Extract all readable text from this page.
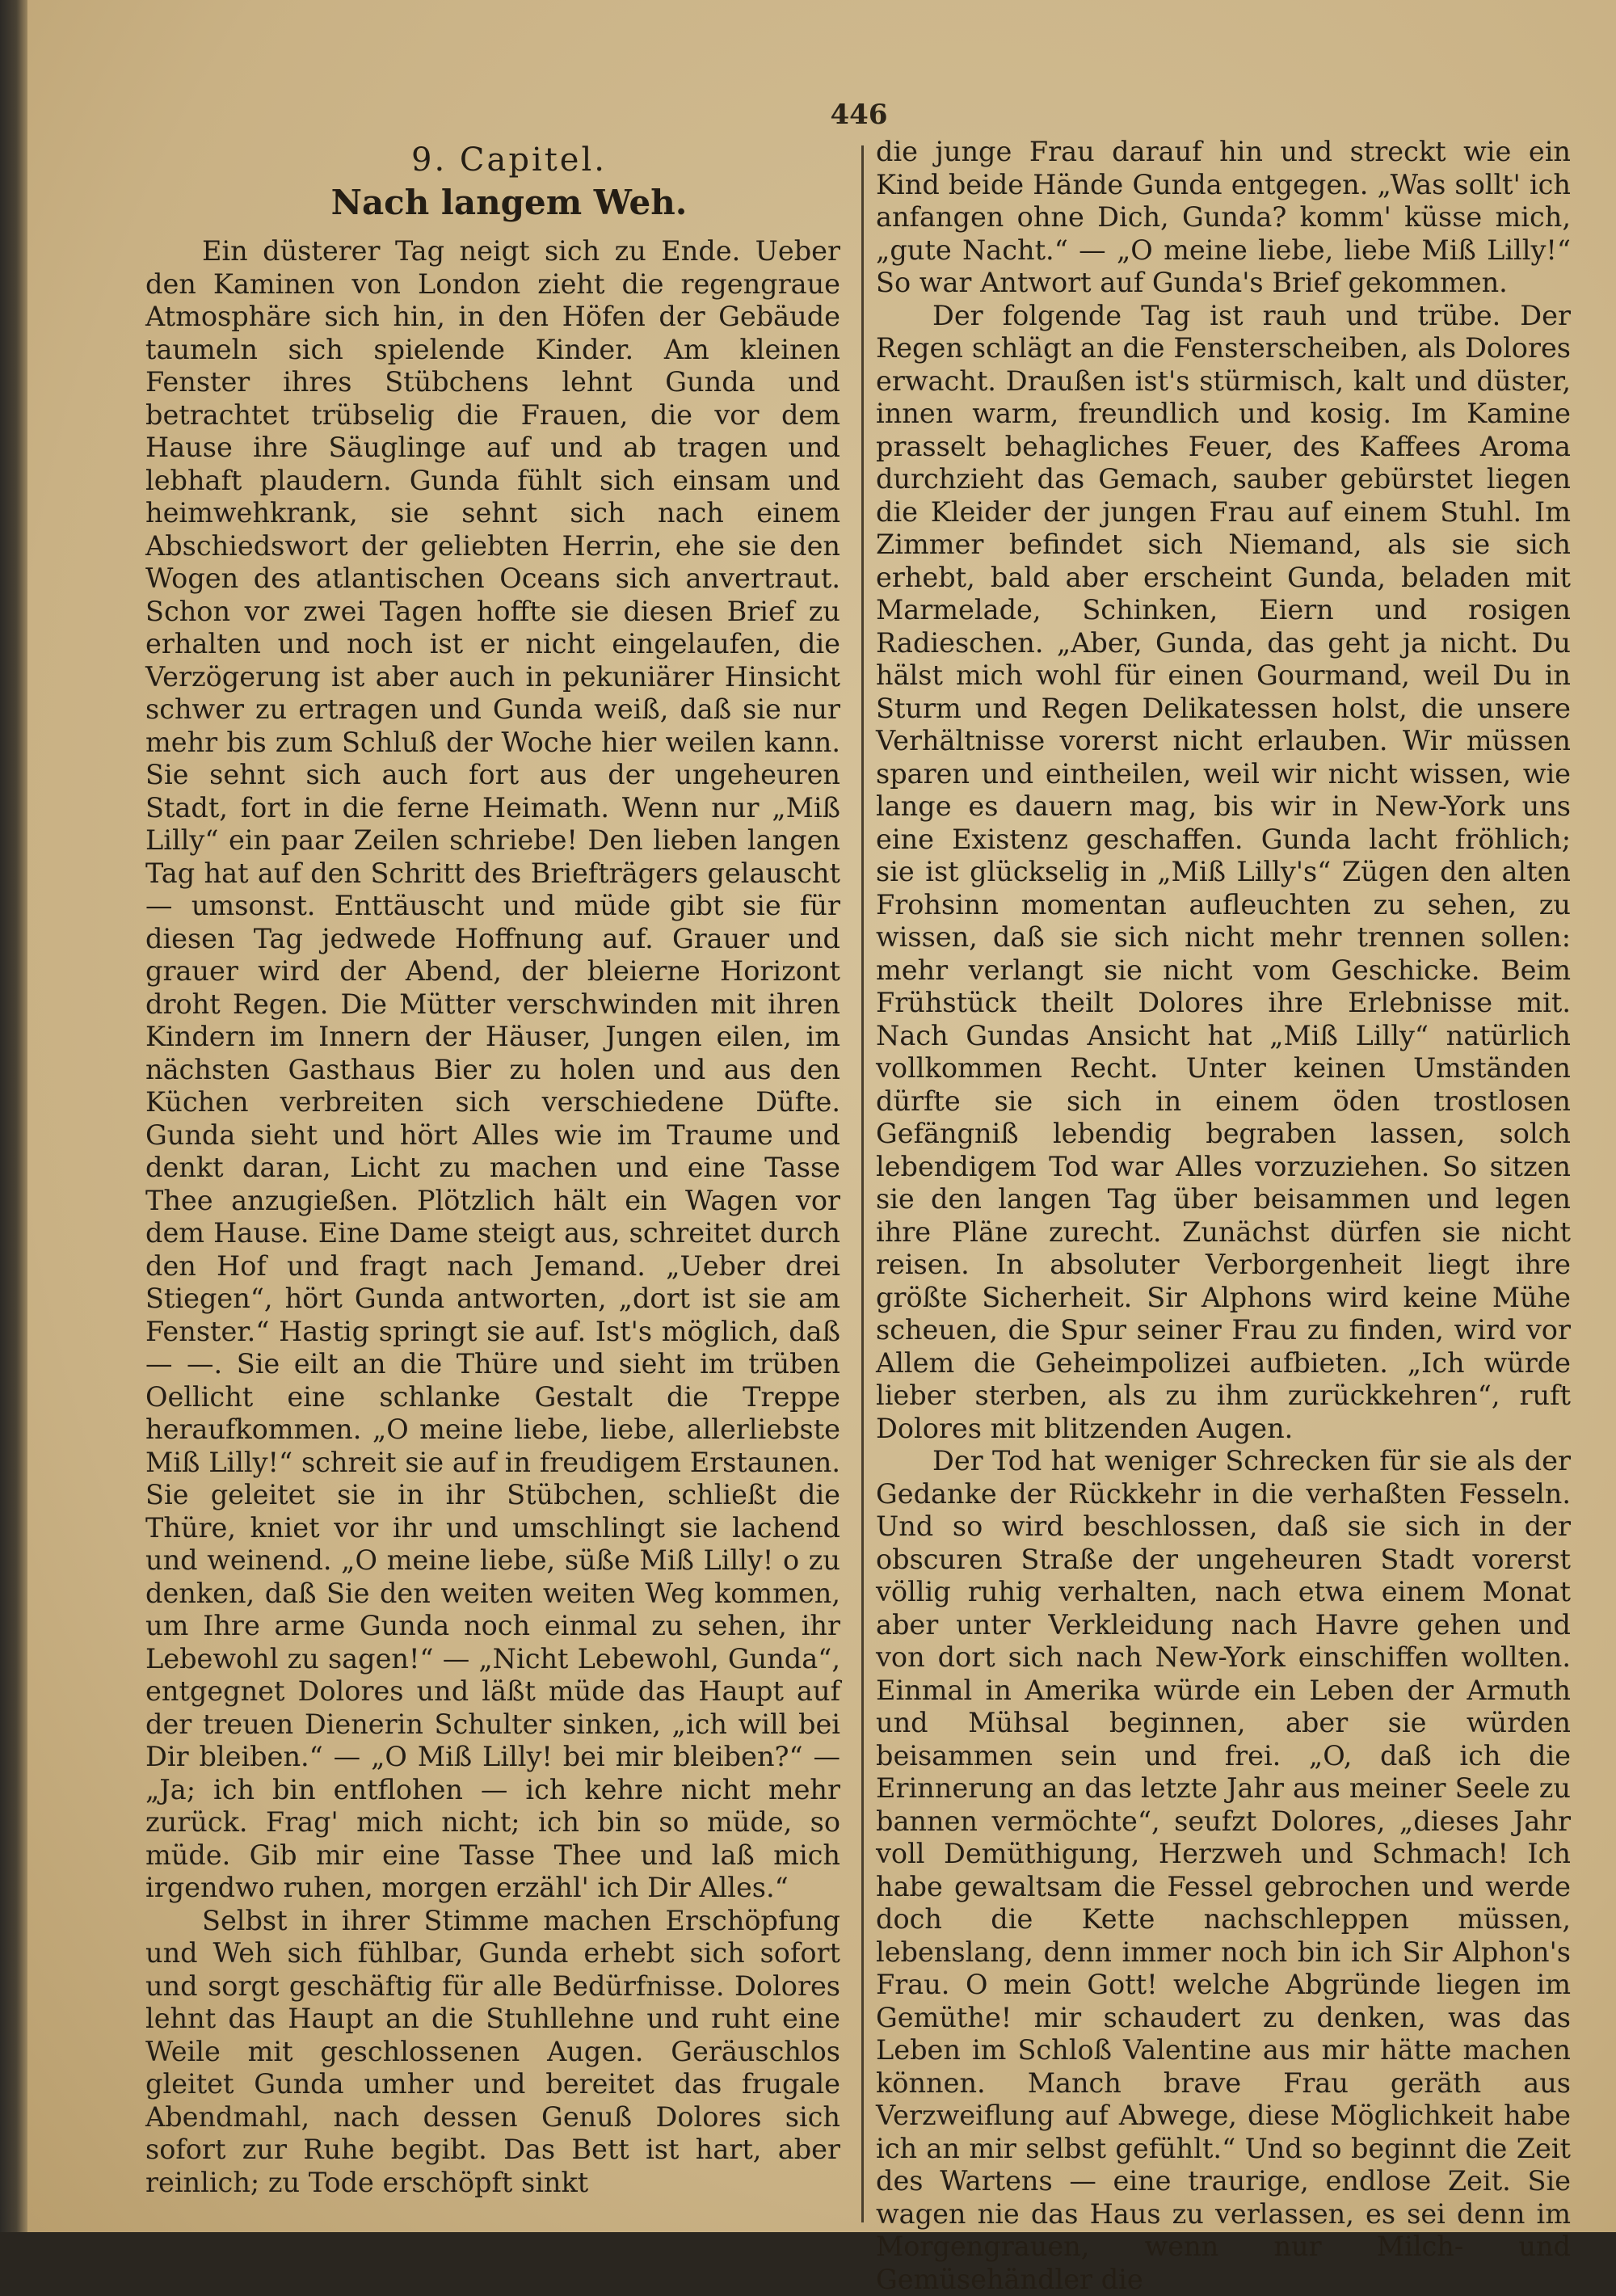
446
9. Capitel.
Nach langem Weh.

Ein düsterer Tag neigt sich zu Ende. Ueber den Kaminen von London zieht die regengraue Atmosphäre sich hin, in den Höfen der Gebäude taumeln sich spielende Kinder. Am kleinen Fenster ihres Stübchens lehnt Gunda und betrachtet trübselig die Frauen, die vor dem Hause ihre Säuglinge auf und ab tragen und lebhaft plaudern. Gunda fühlt sich einsam und heimwehkrank, sie sehnt sich nach einem Abschiedswort der geliebten Herrin, ehe sie den Wogen des atlantischen Oceans sich anvertraut. Schon vor zwei Tagen hoffte sie diesen Brief zu erhalten und noch ist er nicht eingelaufen, die Verzögerung ist aber auch in pekuniärer Hinsicht schwer zu ertragen und Gunda weiß, daß sie nur mehr bis zum Schluß der Woche hier weilen kann. Sie sehnt sich auch fort aus der ungeheuren Stadt, fort in die ferne Heimath. Wenn nur „Miß Lilly“ ein paar Zeilen schriebe! Den lieben langen Tag hat auf den Schritt des Briefträgers gelauscht — umsonst. Enttäuscht und müde gibt sie für diesen Tag jedwede Hoffnung auf. Grauer und grauer wird der Abend, der bleierne Horizont droht Regen. Die Mütter verschwinden mit ihren Kindern im Innern der Häuser, Jungen eilen, im nächsten Gasthaus Bier zu holen und aus den Küchen verbreiten sich verschiedene Düfte. Gunda sieht und hört Alles wie im Traume und denkt daran, Licht zu machen und eine Tasse Thee anzugießen. Plötzlich hält ein Wagen vor dem Hause. Eine Dame steigt aus, schreitet durch den Hof und fragt nach Jemand. „Ueber drei Stiegen“, hört Gunda antworten, „dort ist sie am Fenster.“ Hastig springt sie auf. Ist's möglich, daß — —. Sie eilt an die Thüre und sieht im trüben Oellicht eine schlanke Gestalt die Treppe heraufkommen. „O meine liebe, liebe, allerliebste Miß Lilly!“ schreit sie auf in freudigem Erstaunen. Sie geleitet sie in ihr Stübchen, schließt die Thüre, kniet vor ihr und umschlingt sie lachend und weinend. „O meine liebe, süße Miß Lilly! o zu denken, daß Sie den weiten weiten Weg kommen, um Ihre arme Gunda noch einmal zu sehen, ihr Lebewohl zu sagen!“ — „Nicht Lebewohl, Gunda“, entgegnet Dolores und läßt müde das Haupt auf der treuen Dienerin Schulter sinken, „ich will bei Dir bleiben.“ — „O Miß Lilly! bei mir bleiben?“ — „Ja; ich bin entflohen — ich kehre nicht mehr zurück. Frag' mich nicht; ich bin so müde, so müde. Gib mir eine Tasse Thee und laß mich irgendwo ruhen, morgen erzähl' ich Dir Alles.“

Selbst in ihrer Stimme machen Erschöpfung und Weh sich fühlbar, Gunda erhebt sich sofort und sorgt geschäftig für alle Bedürfnisse. Dolores lehnt das Haupt an die Stuhllehne und ruht eine Weile mit geschlossenen Augen. Geräuschlos gleitet Gunda umher und bereitet das frugale Abendmahl, nach dessen Genuß Dolores sich sofort zur Ruhe begibt. Das Bett ist hart, aber reinlich; zu Tode erschöpft sinkt

die junge Frau darauf hin und streckt wie ein Kind beide Hände Gunda entgegen. „Was sollt' ich anfangen ohne Dich, Gunda? komm' küsse mich, „gute Nacht.“ — „O meine liebe, liebe Miß Lilly!“ So war Antwort auf Gunda's Brief gekommen.

Der folgende Tag ist rauh und trübe. Der Regen schlägt an die Fensterscheiben, als Dolores erwacht. Draußen ist's stürmisch, kalt und düster, innen warm, freundlich und kosig. Im Kamine prasselt behagliches Feuer, des Kaffees Aroma durchzieht das Gemach, sauber gebürstet liegen die Kleider der jungen Frau auf einem Stuhl. Im Zimmer befindet sich Niemand, als sie sich erhebt, bald aber erscheint Gunda, beladen mit Marmelade, Schinken, Eiern und rosigen Radieschen. „Aber, Gunda, das geht ja nicht. Du hälst mich wohl für einen Gourmand, weil Du in Sturm und Regen Delikatessen holst, die unsere Verhältnisse vorerst nicht erlauben. Wir müssen sparen und eintheilen, weil wir nicht wissen, wie lange es dauern mag, bis wir in New-York uns eine Existenz geschaffen. Gunda lacht fröhlich; sie ist glückselig in „Miß Lilly's“ Zügen den alten Frohsinn momentan aufleuchten zu sehen, zu wissen, daß sie sich nicht mehr trennen sollen: mehr verlangt sie nicht vom Geschicke. Beim Frühstück theilt Dolores ihre Erlebnisse mit. Nach Gundas Ansicht hat „Miß Lilly“ natürlich vollkommen Recht. Unter keinen Umständen dürfte sie sich in einem öden trostlosen Gefängniß lebendig begraben lassen, solch lebendigem Tod war Alles vorzuziehen. So sitzen sie den langen Tag über beisammen und legen ihre Pläne zurecht. Zunächst dürfen sie nicht reisen. In absoluter Verborgenheit liegt ihre größte Sicherheit. Sir Alphons wird keine Mühe scheuen, die Spur seiner Frau zu finden, wird vor Allem die Geheimpolizei aufbieten. „Ich würde lieber sterben, als zu ihm zurückkehren“, ruft Dolores mit blitzenden Augen.

Der Tod hat weniger Schrecken für sie als der Gedanke der Rückkehr in die verhaßten Fesseln. Und so wird beschlossen, daß sie sich in der obscuren Straße der ungeheuren Stadt vorerst völlig ruhig verhalten, nach etwa einem Monat aber unter Verkleidung nach Havre gehen und von dort sich nach New-York einschiffen wollten. Einmal in Amerika würde ein Leben der Armuth und Mühsal beginnen, aber sie würden beisammen sein und frei. „O, daß ich die Erinnerung an das letzte Jahr aus meiner Seele zu bannen vermöchte“, seufzt Dolores, „dieses Jahr voll Demüthigung, Herzweh und Schmach! Ich habe gewaltsam die Fessel gebrochen und werde doch die Kette nachschleppen müssen, lebenslang, denn immer noch bin ich Sir Alphon's Frau. O mein Gott! welche Abgründe liegen im Gemüthe! mir schaudert zu denken, was das Leben im Schloß Valentine aus mir hätte machen können. Manch brave Frau geräth aus Verzweiflung auf Abwege, diese Möglichkeit habe ich an mir selbst gefühlt.“ Und so beginnt die Zeit des Wartens — eine traurige, endlose Zeit. Sie wagen nie das Haus zu verlassen, es sei denn im Morgengrauen, wenn nur Milch- und Gemüsehändler die
